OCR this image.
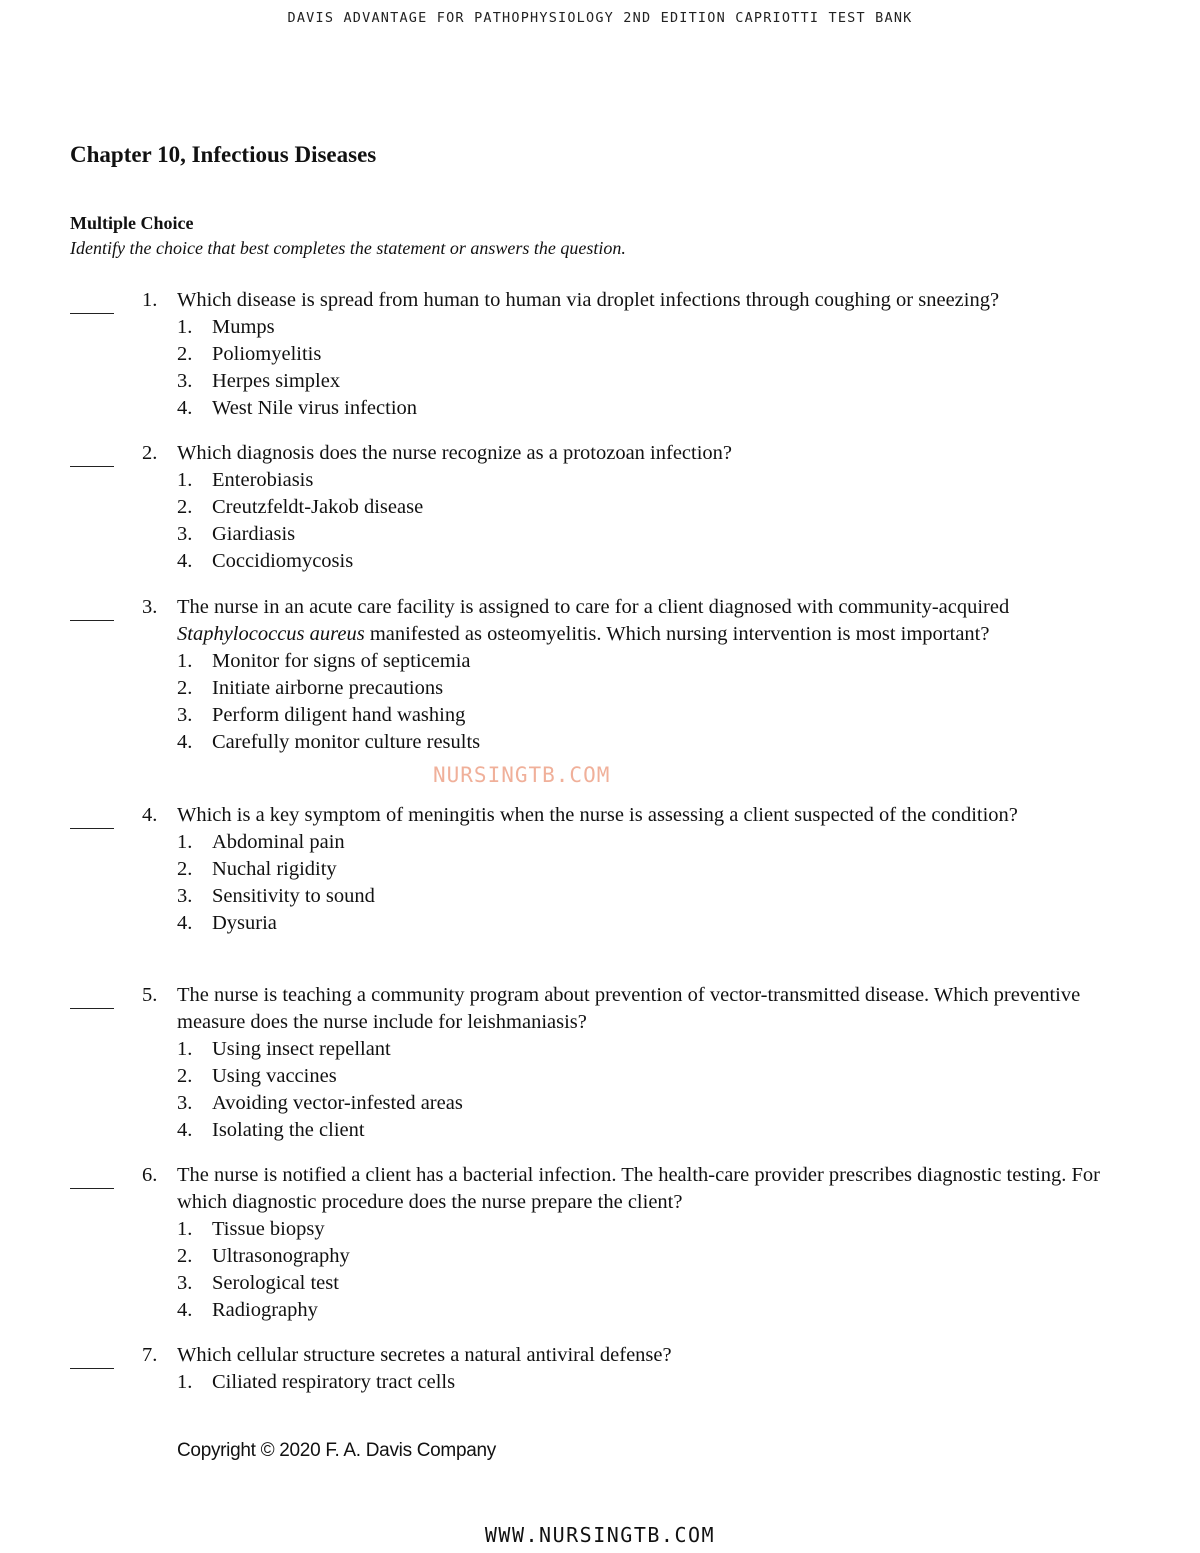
DAVIS ADVANTAGE FOR PATHOPHYSIOLOGY 2ND EDITION CAPRIOTTI TEST BANK
Chapter 10, Infectious Diseases
Multiple Choice
Identify the choice that best completes the statement or answers the question.
1. Which disease is spread from human to human via droplet infections through coughing or sneezing?
1. Mumps
2. Poliomyelitis
3. Herpes simplex
4. West Nile virus infection
2. Which diagnosis does the nurse recognize as a protozoan infection?
1. Enterobiasis
2. Creutzfeldt-Jakob disease
3. Giardiasis
4. Coccidiomycosis
3. The nurse in an acute care facility is assigned to care for a client diagnosed with community-acquired Staphylococcus aureus manifested as osteomyelitis. Which nursing intervention is most important?
1. Monitor for signs of septicemia
2. Initiate airborne precautions
3. Perform diligent hand washing
4. Carefully monitor culture results
4. Which is a key symptom of meningitis when the nurse is assessing a client suspected of the condition?
1. Abdominal pain
2. Nuchal rigidity
3. Sensitivity to sound
4. Dysuria
5. The nurse is teaching a community program about prevention of vector-transmitted disease. Which preventive measure does the nurse include for leishmaniasis?
1. Using insect repellant
2. Using vaccines
3. Avoiding vector-infested areas
4. Isolating the client
6. The nurse is notified a client has a bacterial infection. The health-care provider prescribes diagnostic testing. For which diagnostic procedure does the nurse prepare the client?
1. Tissue biopsy
2. Ultrasonography
3. Serological test
4. Radiography
7. Which cellular structure secretes a natural antiviral defense?
1. Ciliated respiratory tract cells
NURSINGTB.COM
Copyright © 2020 F. A. Davis Company
WWW.NURSINGTB.COM
